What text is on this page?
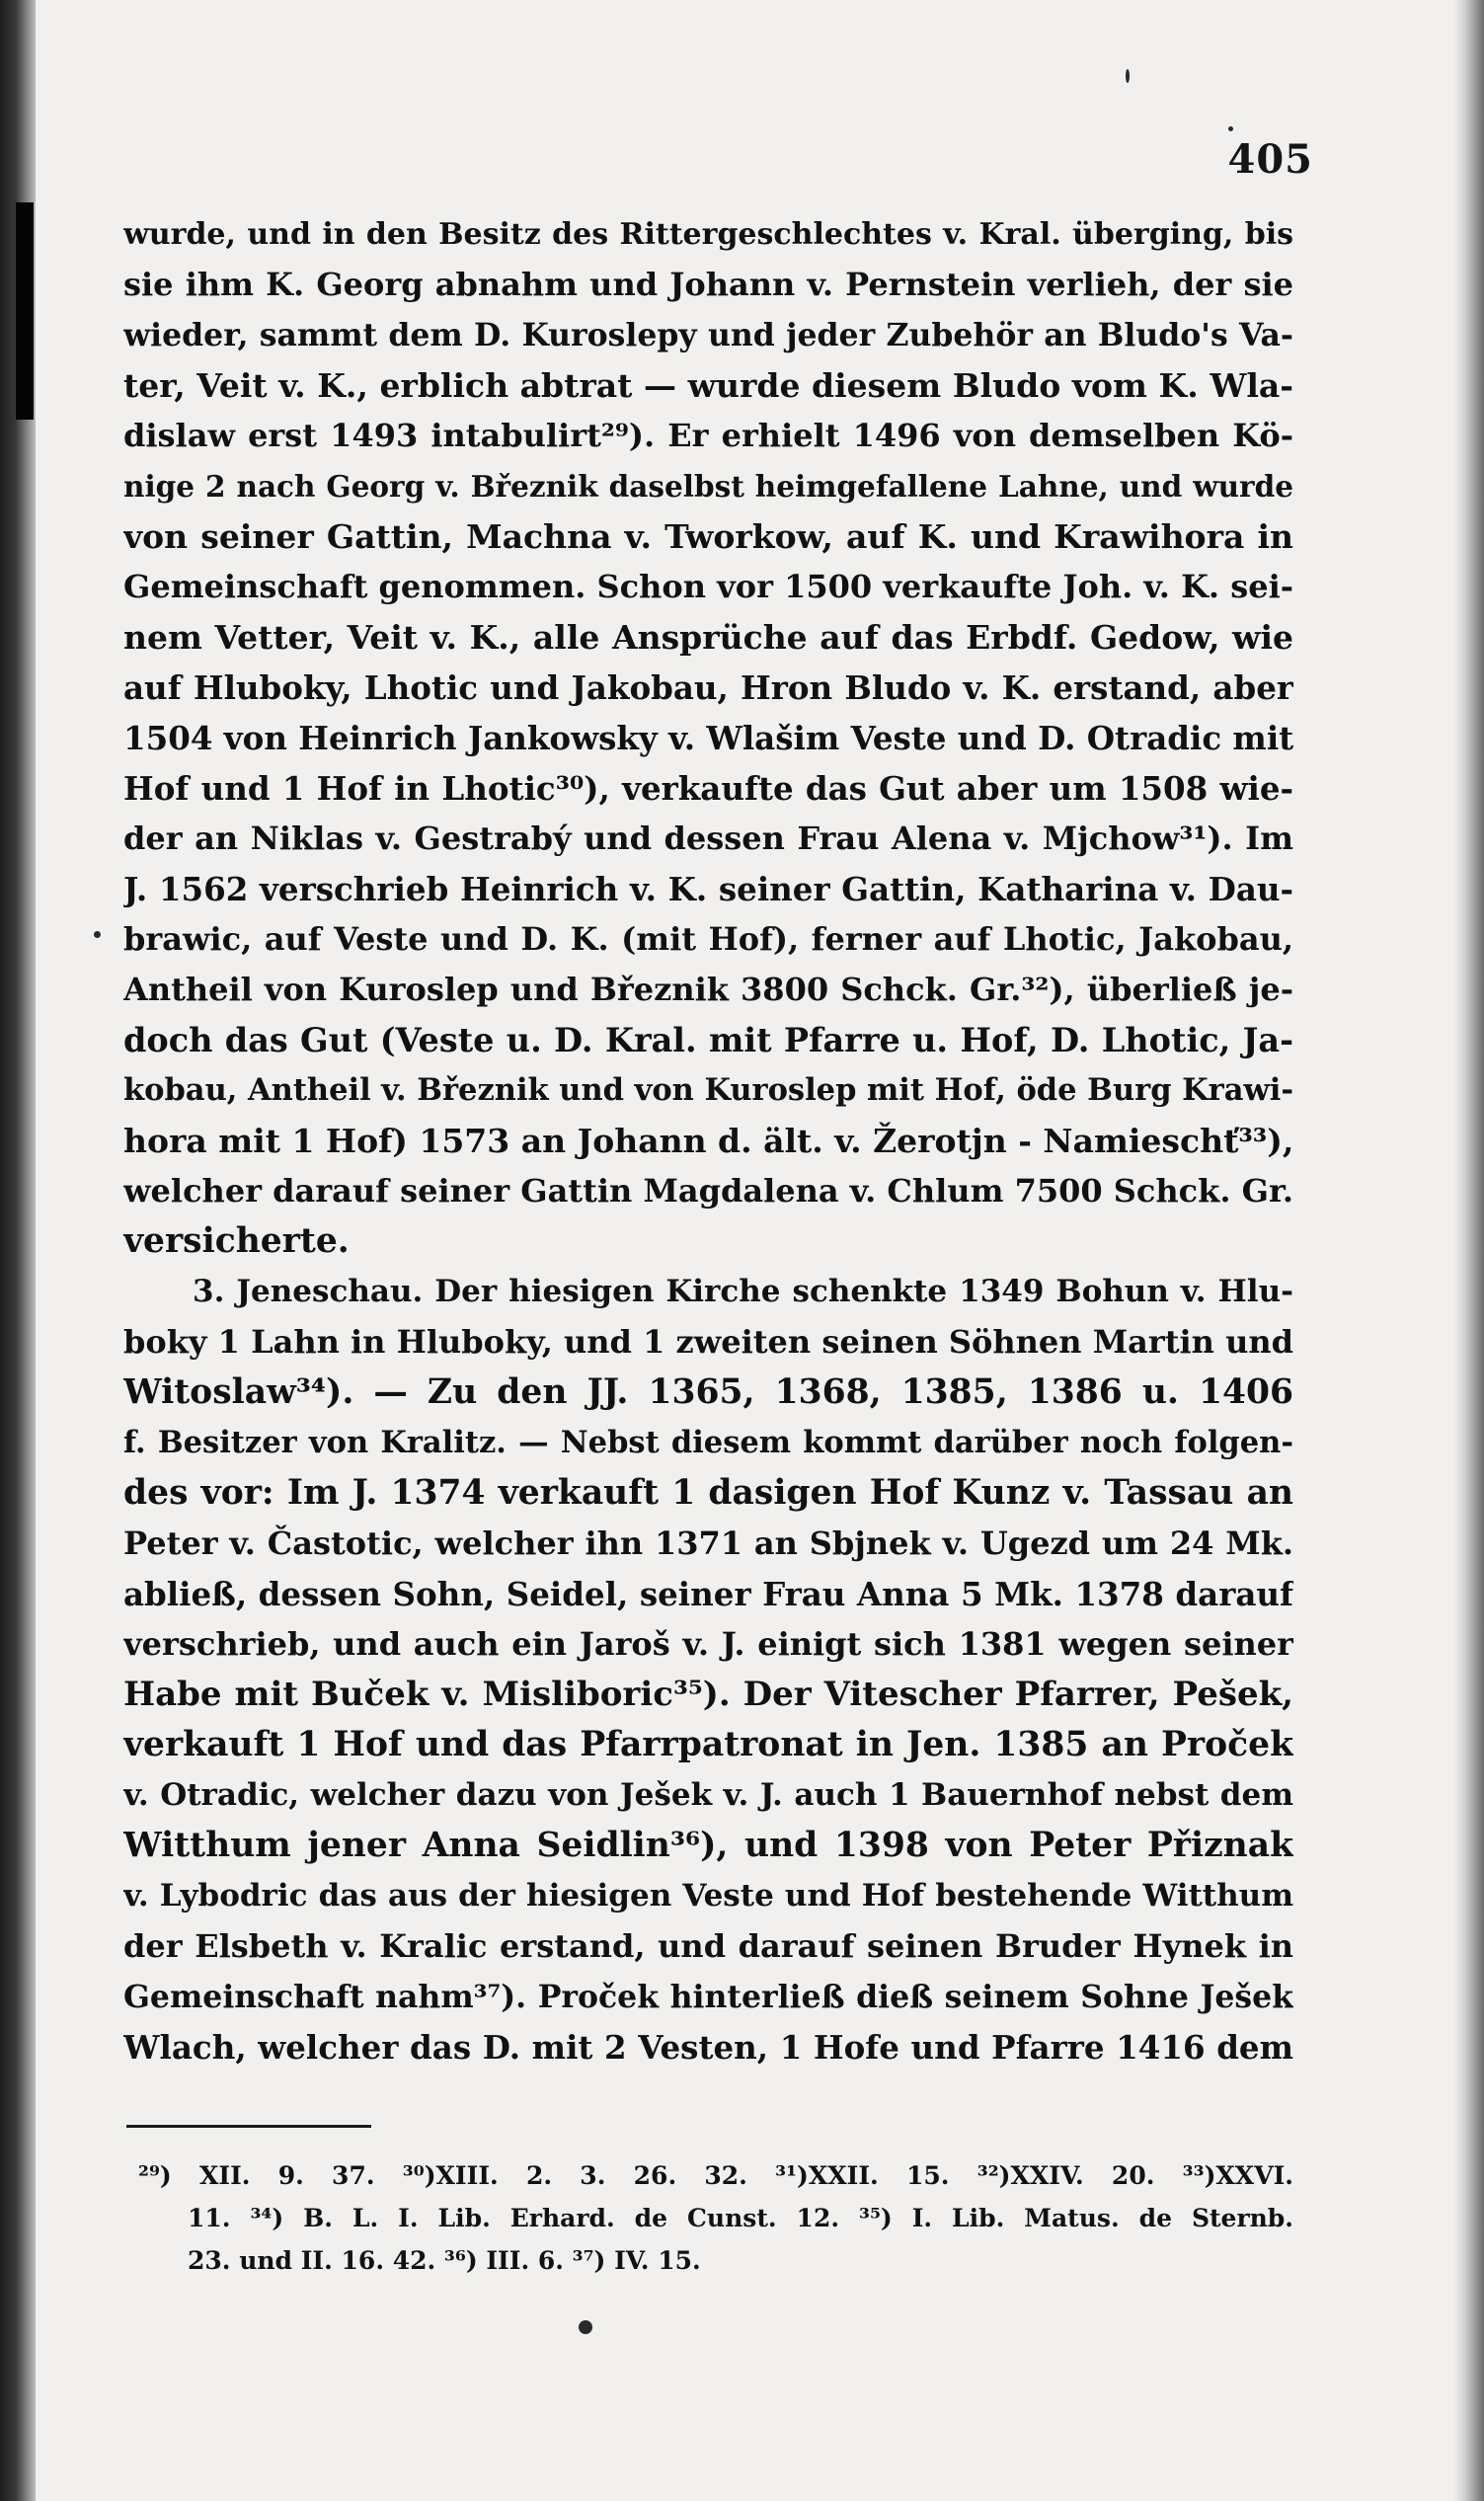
405
wurde, und in den Besitz des Rittergeschlechtes v. Kral. überging, bis
sie ihm K. Georg abnahm und Johann v. Pernstein verlieh, der sie
wieder, sammt dem D. Kuroslepy und jeder Zubehör an Bludo's Va-
ter, Veit v. K., erblich abtrat — wurde diesem Bludo vom K. Wla-
dislaw erst 1493 intabulirt²⁹). Er erhielt 1496 von demselben Kö-
nige 2 nach Georg v. Březnik daselbst heimgefallene Lahne, und wurde
von seiner Gattin, Machna v. Tworkow, auf K. und Krawihora in
Gemeinschaft genommen. Schon vor 1500 verkaufte Joh. v. K. sei-
nem Vetter, Veit v. K., alle Ansprüche auf das Erbdf. Gedow, wie
auf Hlubоky, Lhotic und Jakobau, Hron Bludo v. K. erstand, aber
1504 von Heinrich Jankowsky v. Wlašim Veste und D. Otradic mit
Hof und 1 Hof in Lhotic³⁰), verkaufte das Gut aber um 1508 wie-
der an Niklas v. Gestrabý und dessen Frau Alena v. Mjchow³¹). Im
J. 1562 verschrieb Heinrich v. K. seiner Gattin, Katharina v. Dau-
brawic, auf Veste und D. K. (mit Hof), ferner auf Lhotic, Jakobau,
Antheil von Kuroslep und Březnik 3800 Schck. Gr.³²), überließ je-
doch das Gut (Veste u. D. Kral. mit Pfarre u. Hof, D. Lhotic, Ja-
kobau, Antheil v. Březnik und von Kuroslep mit Hof, öde Burg Krawi-
hora mit 1 Hof) 1573 an Johann d. ält. v. Žerotjn - Namieschť³³),
welcher darauf seiner Gattin Magdalena v. Chlum 7500 Schck. Gr.
versicherte.
3. Jeneschau. Der hiesigen Kirche schenkte 1349 Bohun v. Hlu-
boky 1 Lahn in Hluboky, und 1 zweiten seinen Söhnen Martin und
Witoslaw³⁴). — Zu den JJ. 1365, 1368, 1385, 1386 u. 1406
f. Besitzer von Kralitz. — Nebst diesem kommt darüber noch folgen-
des vor: Im J. 1374 verkauft 1 dasigen Hof Kunz v. Tassau an
Peter v. Častotic, welcher ihn 1371 an Sbjnek v. Ugezd um 24 Mk.
abließ, dessen Sohn, Seidel, seiner Frau Anna 5 Mk. 1378 darauf
verschrieb, und auch ein Jaroš v. J. einigt sich 1381 wegen seiner
Habe mit Buček v. Misliboric³⁵). Der Vitescher Pfarrer, Pešek,
verkauft 1 Hof und das Pfarrpatronat in Jen. 1385 an Proček
v. Otradic, welcher dazu von Ješek v. J. auch 1 Bauernhof nebst dem
Witthum jener Anna Seidlin³⁶), und 1398 von Peter Přiznak
v. Lybodric das aus der hiesigen Veste und Hof bestehende Witthum
der Elsbeth v. Kralic erstand, und darauf seinen Bruder Hynek in
Gemeinschaft nahm³⁷). Proček hinterließ dieß seinem Sohne Ješek
Wlach, welcher das D. mit 2 Vesten, 1 Hofe und Pfarre 1416 dem
²⁹) XII. 9. 37. ³⁰)XIII. 2. 3. 26. 32. ³¹)XXII. 15. ³²)XXIV. 20. ³³)XXVI.
11. ³⁴) B. L. I. Lib. Erhard. de Cunst. 12. ³⁵) I. Lib. Matus. de Sternb.
23. und II. 16. 42. ³⁶) III. 6. ³⁷) IV. 15.
